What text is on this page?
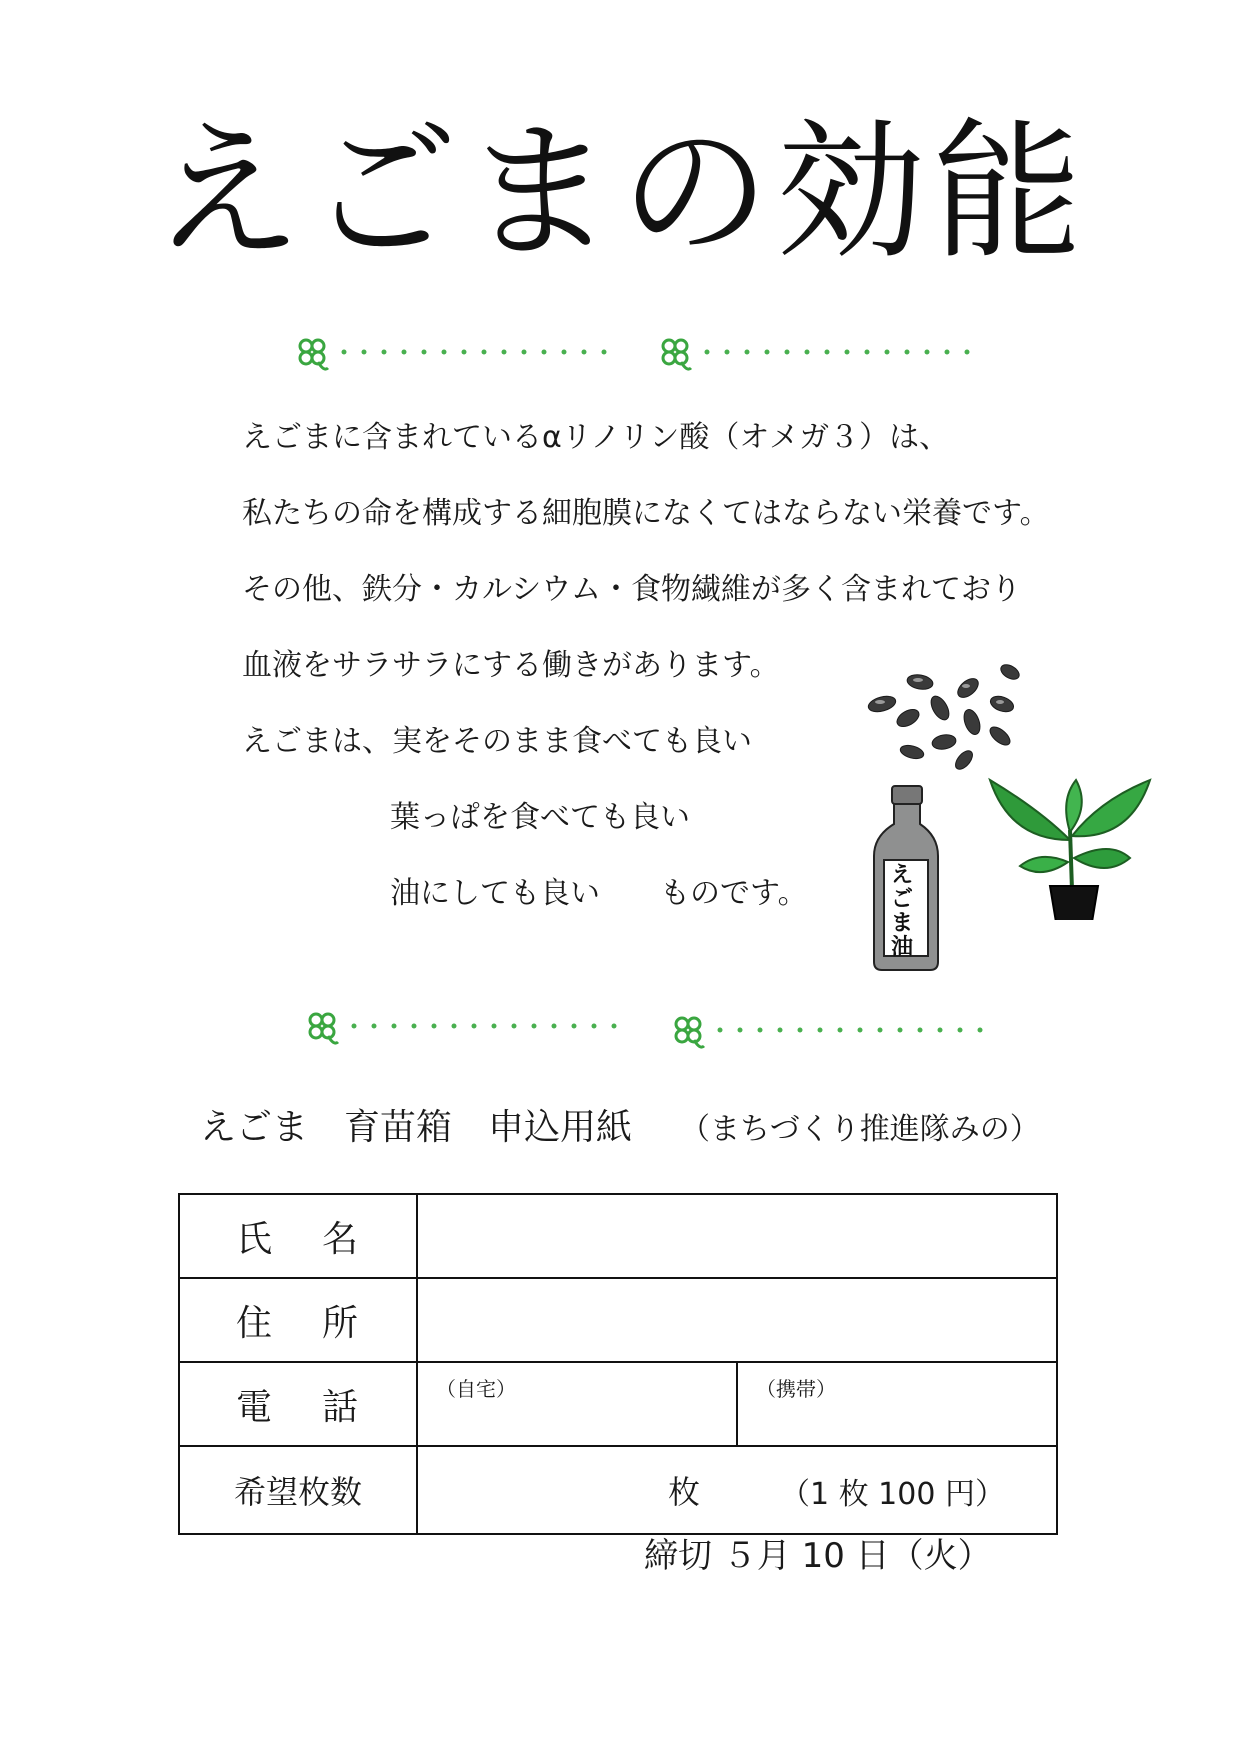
えごまの効能
えごまに含まれているαリノリン酸（オメガ３）は、
私たちの命を構成する細胞膜になくてはならない栄養です。
その他、鉄分・カルシウム・食物繊維が多く含まれており
血液をサラサラにする働きがあります。
えごまは、実をそのまま食べても良い
葉っぱを食べても良い
油にしても良い　　ものです。
えごま油
えごま　育苗箱　申込用紙 （まちづくり推進隊みの）
氏 名		
住 所		
電 話	（自宅）	（携帯）

希望枚数	枚 （1 枚 100 円）	
締切 ５月 10 日（火）
